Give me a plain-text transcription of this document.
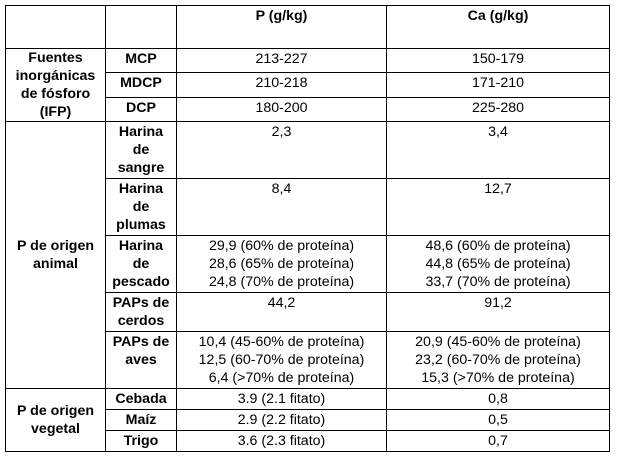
		P (g/kg)	Ca (g/kg)

Fuentes
inorgánicas
de fósforo
(IFP)	MCP	213-227	150-179

	MDCP	210-218	171-210

	DCP	180-200	225-280

P de origen
animal	Harina
de
sangre	2,3	3,4

	Harina
de
plumas	8,4	12,7

	Harina
de
pescado	29,9 (60% de proteína)
28,6 (65% de proteína)
24,8 (70% de proteína)	48,6 (60% de proteína)
44,8 (65% de proteína)
33,7 (70% de proteína)

	PAPs de
cerdos	44,2	91,2

	PAPs de
aves	10,4 (45-60% de proteína)
12,5 (60-70% de proteína)
6,4 (>70% de proteína)	20,9 (45-60% de proteína)
23,2 (60-70% de proteína)
15,3 (>70% de proteína)

P de origen
vegetal	Cebada	3.9 (2.1 fitato)	0,8

	Maíz	2.9 (2.2 fitato)	0,5

	Trigo	3.6 (2.3 fitato)	0,7
